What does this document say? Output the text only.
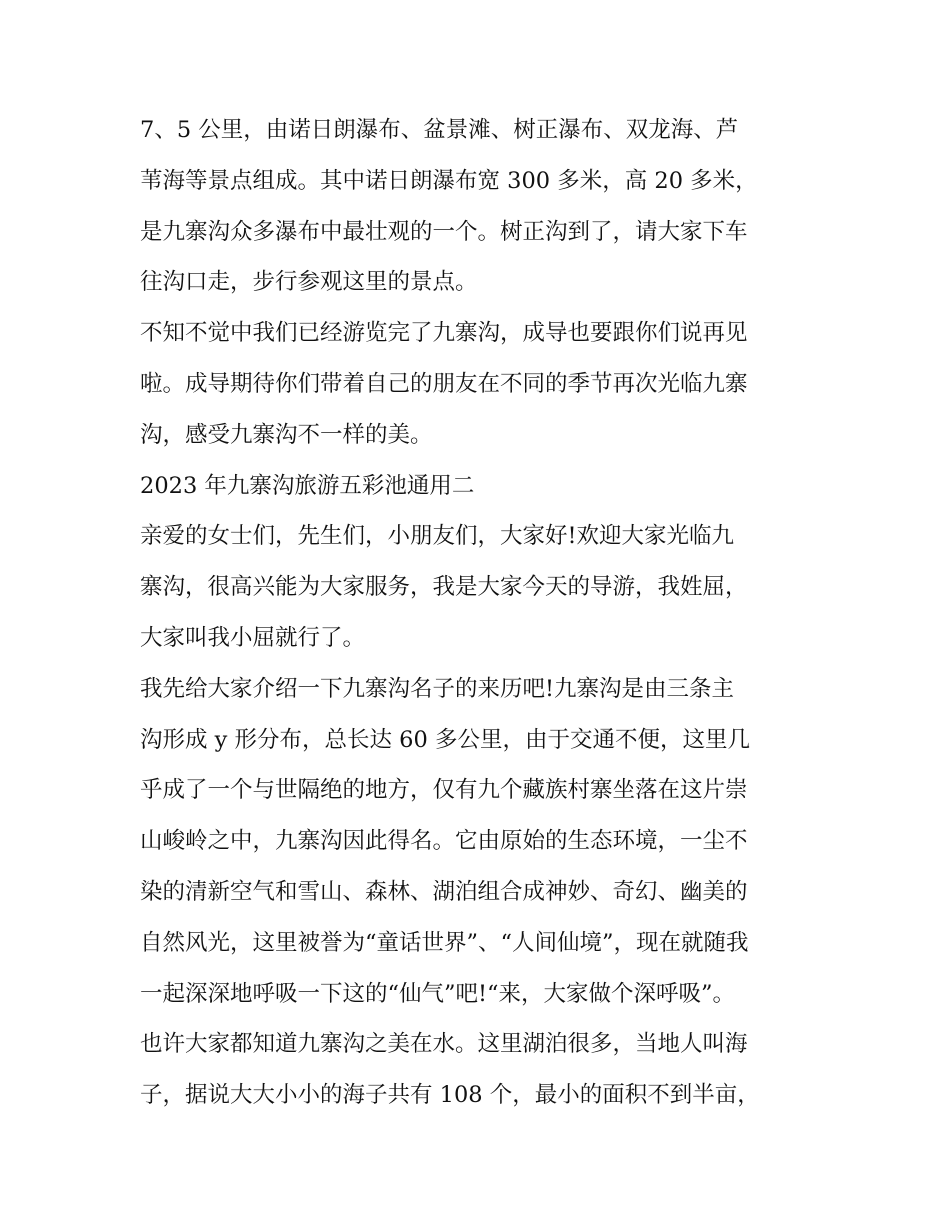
7、5 公里，由诺日朗瀑布、盆景滩、树正瀑布、双龙海、芦
苇海等景点组成。其中诺日朗瀑布宽 300 多米，高 20 多米，
是九寨沟众多瀑布中最壮观的一个。树正沟到了，请大家下车
往沟口走，步行参观这里的景点。
不知不觉中我们已经游览完了九寨沟，成导也要跟你们说再见
啦。成导期待你们带着自己的朋友在不同的季节再次光临九寨
沟，感受九寨沟不一样的美。
2023 年九寨沟旅游五彩池通用二
亲爱的女士们，先生们，小朋友们，大家好!欢迎大家光临九
寨沟，很高兴能为大家服务，我是大家今天的导游，我姓屈，
大家叫我小屈就行了。
我先给大家介绍一下九寨沟名子的来历吧!九寨沟是由三条主
沟形成 y 形分布，总长达 60 多公里，由于交通不便，这里几
乎成了一个与世隔绝的地方，仅有九个藏族村寨坐落在这片崇
山峻岭之中，九寨沟因此得名。它由原始的生态环境，一尘不
染的清新空气和雪山、森林、湖泊组合成神妙、奇幻、幽美的
自然风光，这里被誉为“童话世界”、“人间仙境”，现在就随我
一起深深地呼吸一下这的“仙气”吧!“来，大家做个深呼吸”。
也许大家都知道九寨沟之美在水。这里湖泊很多，当地人叫海
子，据说大大小小的海子共有 108 个，最小的面积不到半亩，
